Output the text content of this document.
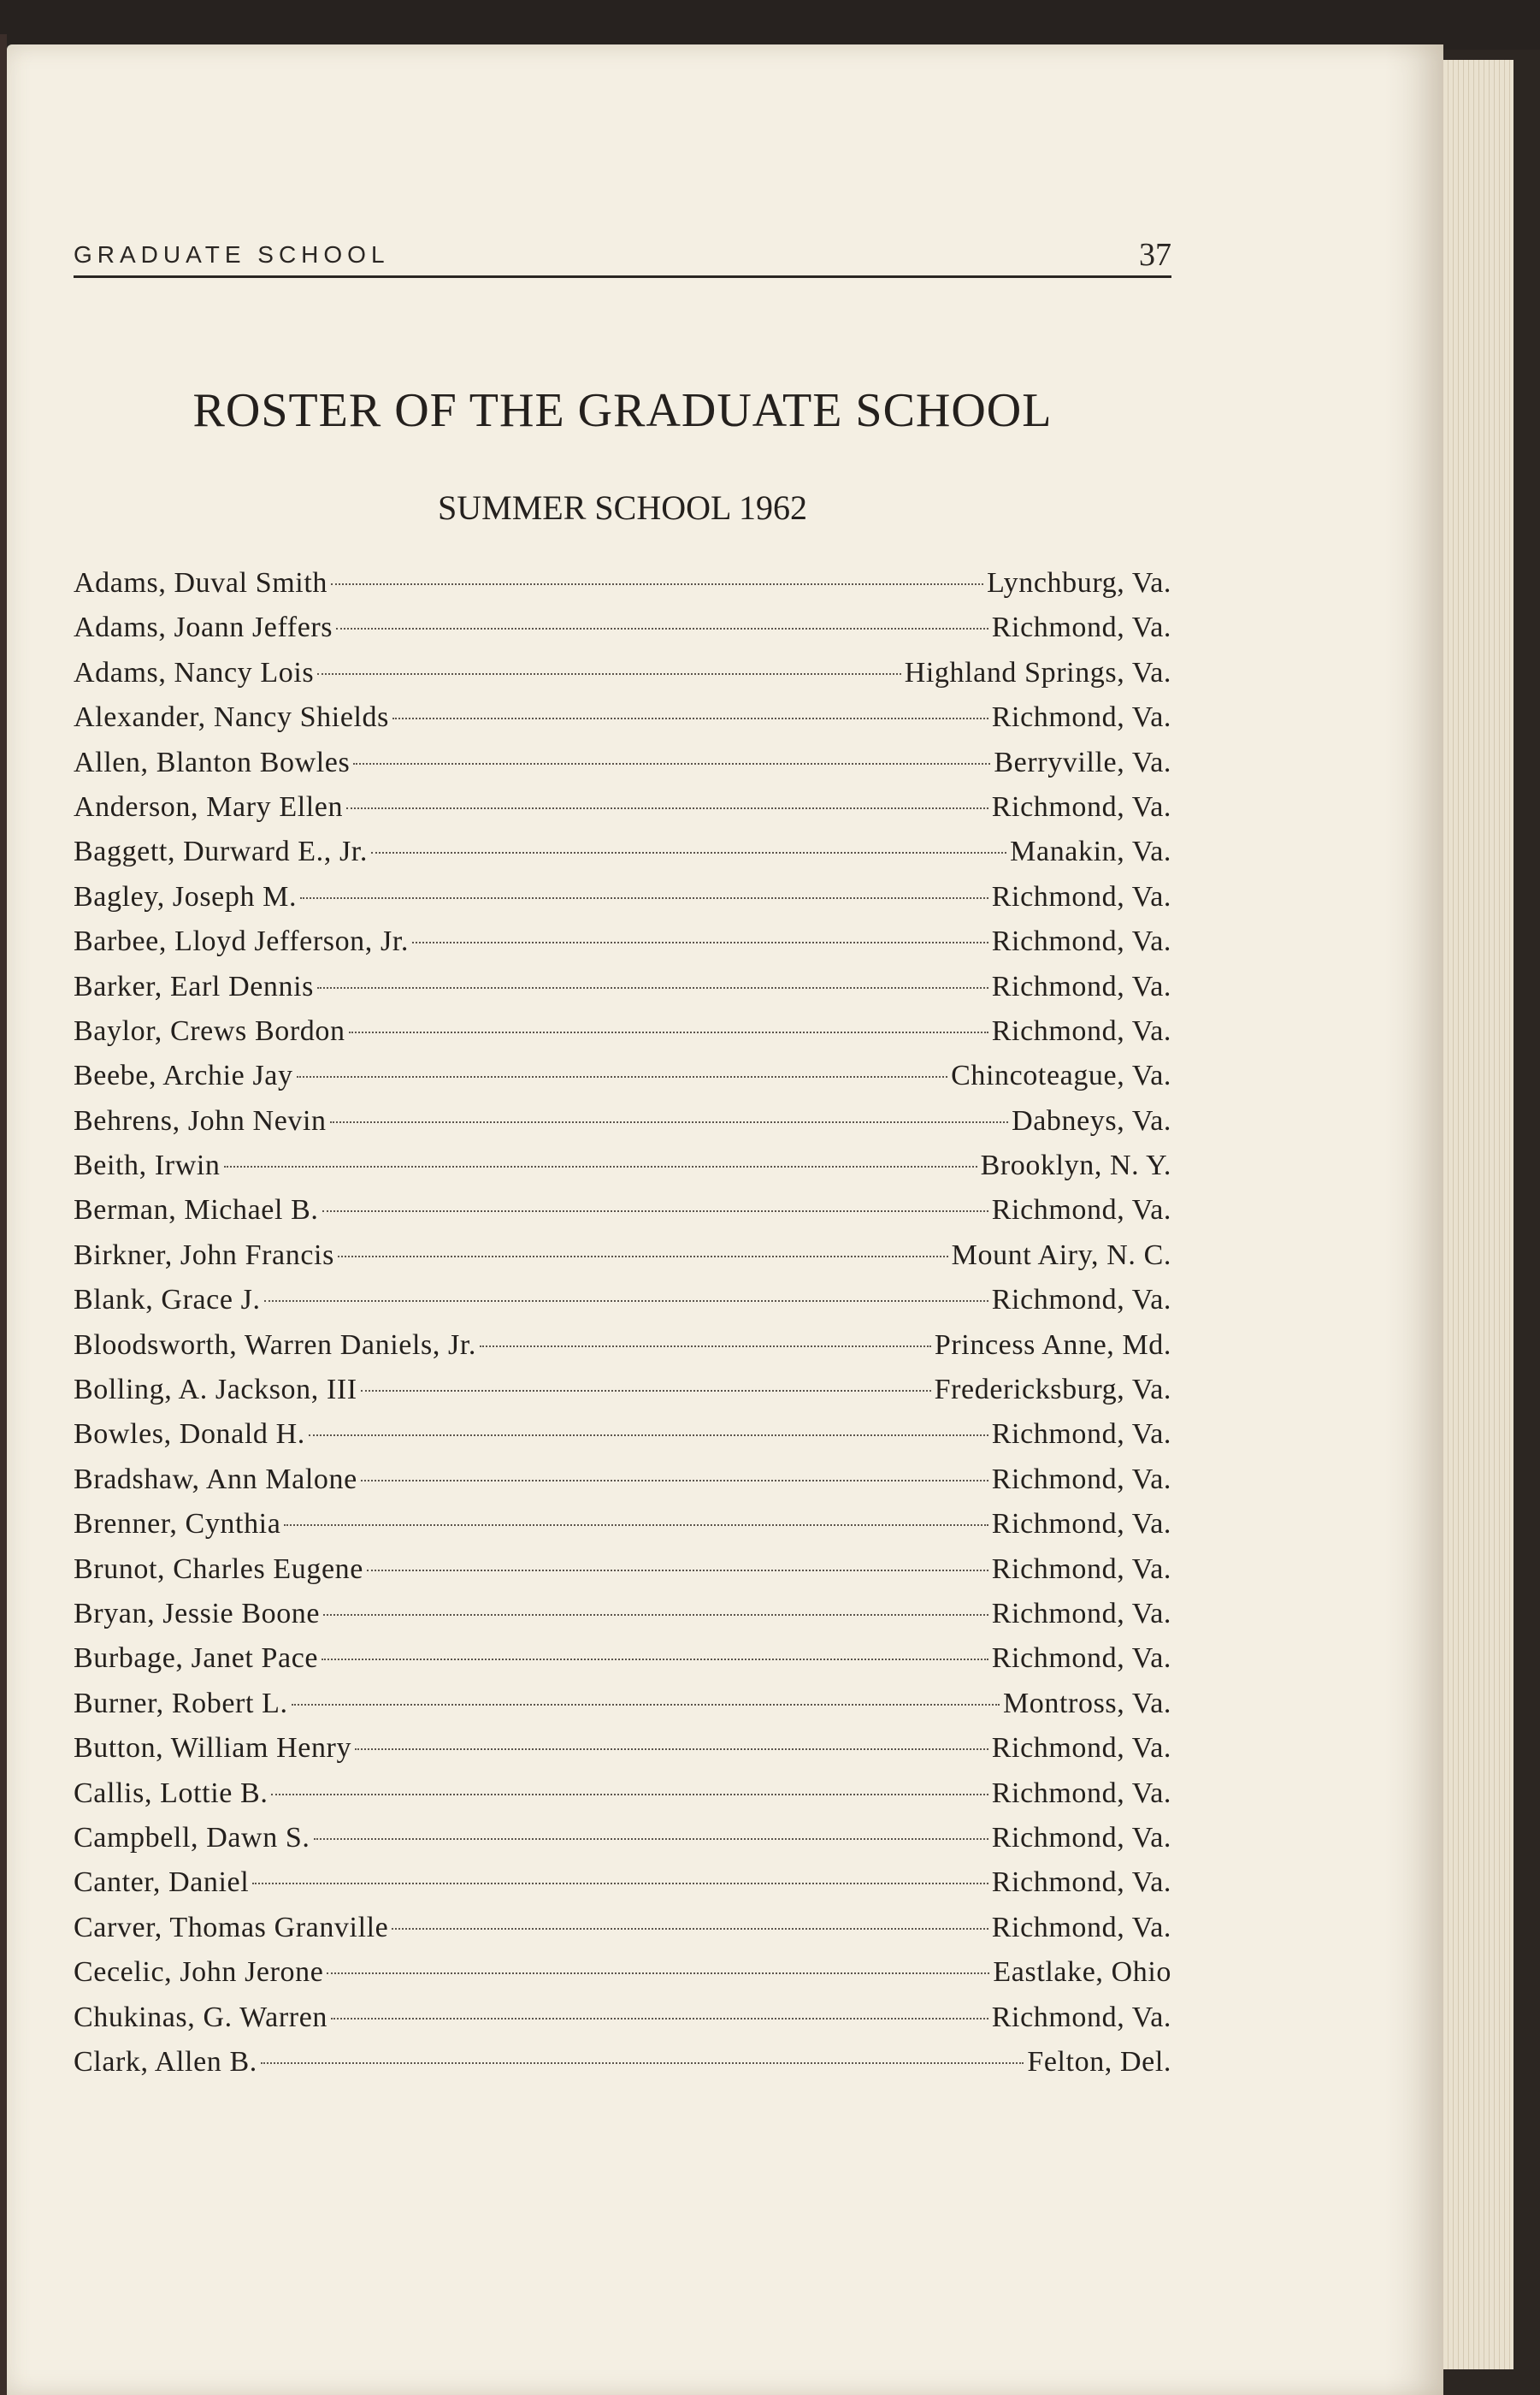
GRADUATE SCHOOL	37
ROSTER OF THE GRADUATE SCHOOL
SUMMER SCHOOL 1962
Adams, Duval Smith	Lynchburg, Va.
Adams, Joann Jeffers	Richmond, Va.
Adams, Nancy Lois	Highland Springs, Va.
Alexander, Nancy Shields	Richmond, Va.
Allen, Blanton Bowles	Berryville, Va.
Anderson, Mary Ellen	Richmond, Va.
Baggett, Durward E., Jr.	Manakin, Va.
Bagley, Joseph M.	Richmond, Va.
Barbee, Lloyd Jefferson, Jr.	Richmond, Va.
Barker, Earl Dennis	Richmond, Va.
Baylor, Crews Bordon	Richmond, Va.
Beebe, Archie Jay	Chincoteague, Va.
Behrens, John Nevin	Dabneys, Va.
Beith, Irwin	Brooklyn, N. Y.
Berman, Michael B.	Richmond, Va.
Birkner, John Francis	Mount Airy, N. C.
Blank, Grace J.	Richmond, Va.
Bloodsworth, Warren Daniels, Jr.	Princess Anne, Md.
Bolling, A. Jackson, III	Fredericksburg, Va.
Bowles, Donald H.	Richmond, Va.
Bradshaw, Ann Malone	Richmond, Va.
Brenner, Cynthia	Richmond, Va.
Brunot, Charles Eugene	Richmond, Va.
Bryan, Jessie Boone	Richmond, Va.
Burbage, Janet Pace	Richmond, Va.
Burner, Robert L.	Montross, Va.
Button, William Henry	Richmond, Va.
Callis, Lottie B.	Richmond, Va.
Campbell, Dawn S.	Richmond, Va.
Canter, Daniel	Richmond, Va.
Carver, Thomas Granville	Richmond, Va.
Cecelic, John Jerone	Eastlake, Ohio
Chukinas, G. Warren	Richmond, Va.
Clark, Allen B.	Felton, Del.
